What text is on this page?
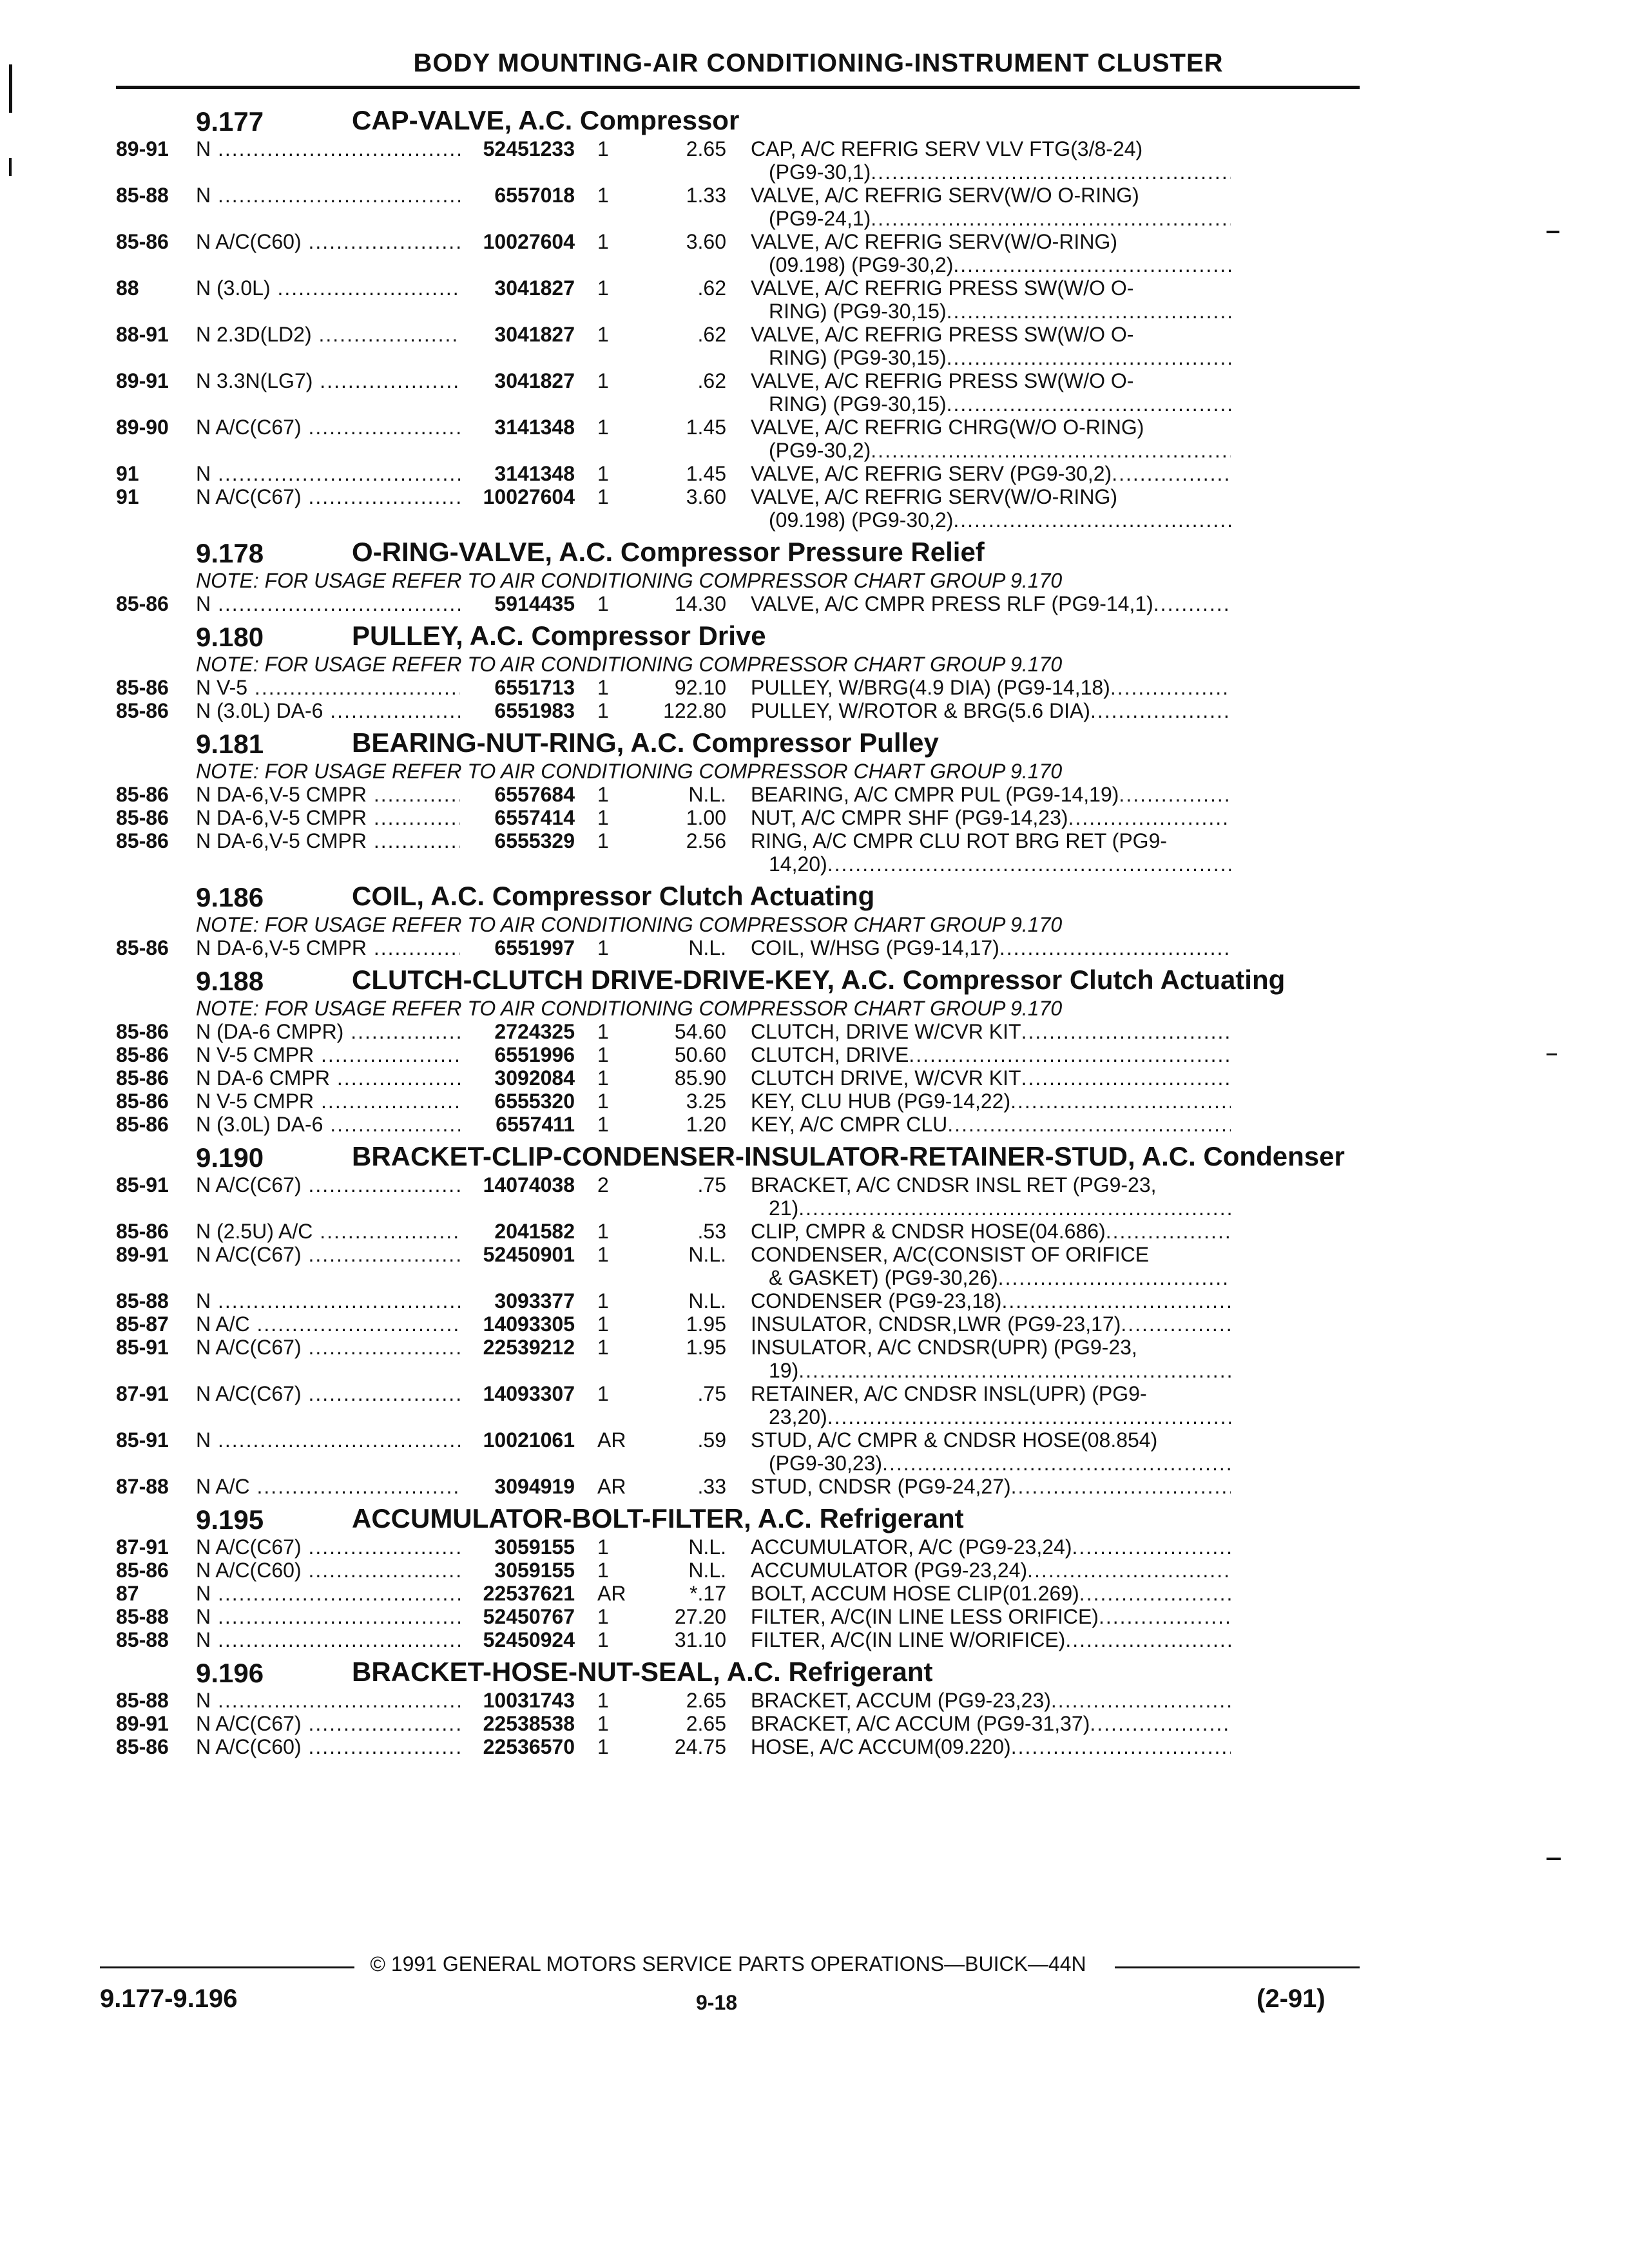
BODY MOUNTING-AIR CONDITIONING-INSTRUMENT CLUSTER
9.177	CAP-VALVE, A.C. Compressor
89-91	N .....	52451233	1	2.65 CAP, A/C REFRIG SERV VLV FTG(3/8-24)
(PG9-30,1) .....
85-88	N .....	6557018	1	1.33 VALVE, A/C REFRIG SERV(W/O O-RING)
(PG9-24,1) .....
85-86	N A/C(C60) .....	10027604	1	3.60 VALVE, A/C REFRIG SERV(W/O-RING)
(09.198) (PG9-30,2) .....
88	N (3.0L) .....	3041827	1	.62 VALVE, A/C REFRIG PRESS SW(W/O O-
RING) (PG9-30,15) .....
88-91	N 2.3D(LD2) .....	3041827	1	.62 VALVE, A/C REFRIG PRESS SW(W/O O-
RING) (PG9-30,15) .....
89-91	N 3.3N(LG7) .....	3041827	1	.62 VALVE, A/C REFRIG PRESS SW(W/O O-
RING) (PG9-30,15) .....
89-90	N A/C(C67) .....	3141348	1	1.45 VALVE, A/C REFRIG CHRG(W/O O-RING)
(PG9-30,2) .....
91	N .....	3141348	1	1.45 VALVE, A/C REFRIG SERV (PG9-30,2) .....
91	N A/C(C67) .....	10027604	1	3.60 VALVE, A/C REFRIG SERV(W/O-RING)
(09.198) (PG9-30,2) .....
9.178	O-RING-VALVE, A.C. Compressor Pressure Relief
NOTE: FOR USAGE REFER TO AIR CONDITIONING COMPRESSOR CHART GROUP 9.170
85-86	N .....	5914435	1	14.30 VALVE, A/C CMPR PRESS RLF (PG9-14,1) .....
9.180	PULLEY, A.C. Compressor Drive
NOTE: FOR USAGE REFER TO AIR CONDITIONING COMPRESSOR CHART GROUP 9.170
85-86	N V-5 .....	6551713	1	92.10 PULLEY, W/BRG(4.9 DIA) (PG9-14,18) .....
85-86	N (3.0L) DA-6 .....	6551983	1	122.80 PULLEY, W/ROTOR & BRG(5.6 DIA) .....
9.181	BEARING-NUT-RING, A.C. Compressor Pulley
NOTE: FOR USAGE REFER TO AIR CONDITIONING COMPRESSOR CHART GROUP 9.170
85-86	N DA-6,V-5 CMPR .....	6557684	1	N.L. BEARING, A/C CMPR PUL (PG9-14,19) .....
85-86	N DA-6,V-5 CMPR .....	6557414	1	1.00 NUT, A/C CMPR SHF (PG9-14,23) .....
85-86	N DA-6,V-5 CMPR .....	6555329	1	2.56 RING, A/C CMPR CLU ROT BRG RET (PG9-
14,20) .....
9.186	COIL, A.C. Compressor Clutch Actuating
NOTE: FOR USAGE REFER TO AIR CONDITIONING COMPRESSOR CHART GROUP 9.170
85-86	N DA-6,V-5 CMPR .....	6551997	1	N.L. COIL, W/HSG (PG9-14,17) .....
9.188	CLUTCH-CLUTCH DRIVE-DRIVE-KEY, A.C. Compressor Clutch Actuating
NOTE: FOR USAGE REFER TO AIR CONDITIONING COMPRESSOR CHART GROUP 9.170
85-86	N (DA-6 CMPR) .....	2724325	1	54.60 CLUTCH, DRIVE W/CVR KIT .....
85-86	N V-5 CMPR .....	6551996	1	50.60 CLUTCH, DRIVE .....
85-86	N DA-6 CMPR .....	3092084	1	85.90 CLUTCH DRIVE, W/CVR KIT .....
85-86	N V-5 CMPR .....	6555320	1	3.25 KEY, CLU HUB (PG9-14,22) .....
85-86	N (3.0L) DA-6 .....	6557411	1	1.20 KEY, A/C CMPR CLU .....
9.190	BRACKET-CLIP-CONDENSER-INSULATOR-RETAINER-STUD, A.C. Condenser
85-91	N A/C(C67) .....	14074038	2	.75 BRACKET, A/C CNDSR INSL RET (PG9-23,
21) .....
85-86	N (2.5U) A/C .....	2041582	1	.53 CLIP, CMPR & CNDSR HOSE(04.686) .....
89-91	N A/C(C67) .....	52450901	1	N.L. CONDENSER, A/C(CONSIST OF ORIFICE
& GASKET) (PG9-30,26) .....
85-88	N .....	3093377	1	N.L. CONDENSER (PG9-23,18) .....
85-87	N A/C .....	14093305	1	1.95 INSULATOR, CNDSR,LWR (PG9-23,17) .....
85-91	N A/C(C67) .....	22539212	1	1.95 INSULATOR, A/C CNDSR(UPR) (PG9-23,
19) .....
87-91	N A/C(C67) .....	14093307	1	.75 RETAINER, A/C CNDSR INSL(UPR) (PG9-
23,20) .....
85-91	N .....	10021061	AR	.59 STUD, A/C CMPR & CNDSR HOSE(08.854)
(PG9-30,23) .....
87-88	N A/C .....	3094919	AR	.33 STUD, CNDSR (PG9-24,27) .....
9.195	ACCUMULATOR-BOLT-FILTER, A.C. Refrigerant
87-91	N A/C(C67) .....	3059155	1	N.L. ACCUMULATOR, A/C (PG9-23,24) .....
85-86	N A/C(C60) .....	3059155	1	N.L. ACCUMULATOR (PG9-23,24) .....
87	N .....	22537621	AR	*.17 BOLT, ACCUM HOSE CLIP(01.269) .....
85-88	N .....	52450767	1	27.20 FILTER, A/C(IN LINE LESS ORIFICE) .....
85-88	N .....	52450924	1	31.10 FILTER, A/C(IN LINE W/ORIFICE) .....
9.196	BRACKET-HOSE-NUT-SEAL, A.C. Refrigerant
85-88	N .....	10031743	1	2.65 BRACKET, ACCUM (PG9-23,23) .....
89-91	N A/C(C67) .....	22538538	1	2.65 BRACKET, A/C ACCUM (PG9-31,37) .....
85-86	N A/C(C60) .....	22536570	1	24.75 HOSE, A/C ACCUM(09.220) .....
© 1991 GENERAL MOTORS SERVICE PARTS OPERATIONS—BUICK—44N
9.177-9.196	9-18	(2-91)
